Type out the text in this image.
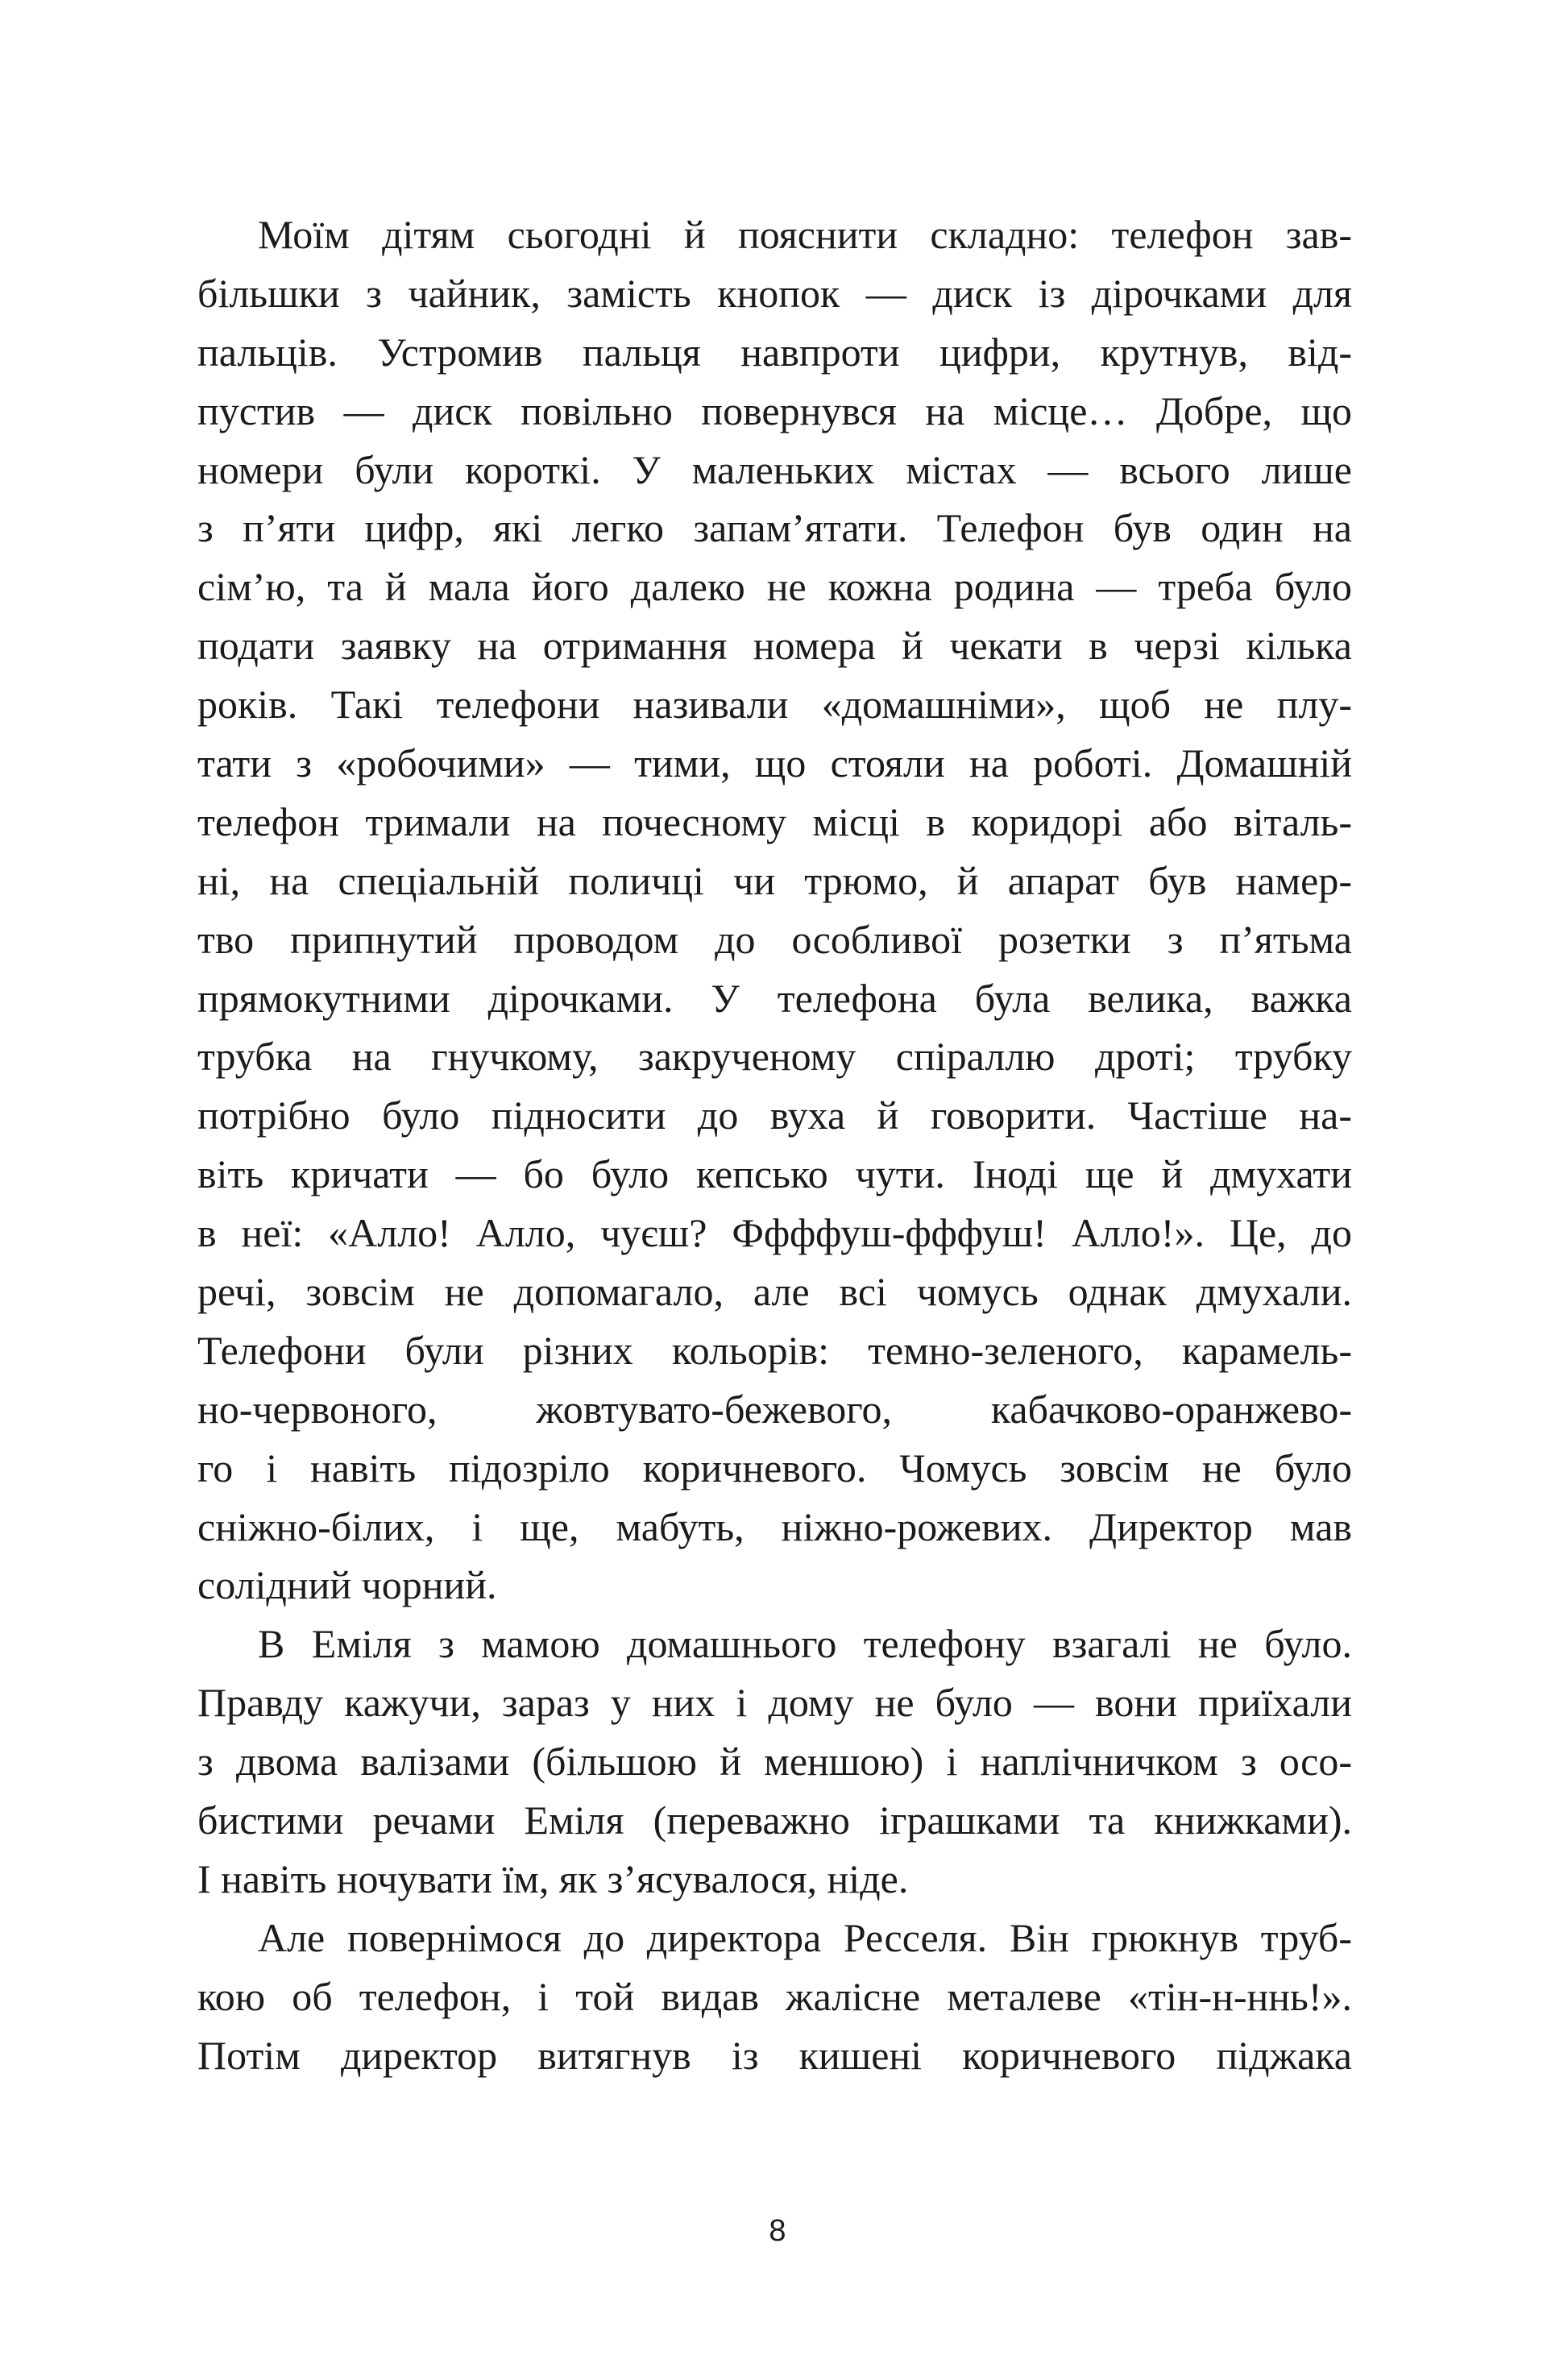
Моїм дітям сьогодні й пояснити складно: телефон зав-
більшки з чайник, замість кнопок — диск із дірочками для
пальців. Устромив пальця навпроти цифри, крутнув, від-
пустив — диск повільно повернувся на місце… Добре, що
номери були короткі. У маленьких містах — всього лише
з п’яти цифр, які легко запам’ятати. Телефон був один на
сім’ю, та й мала його далеко не кожна родина — треба було
подати заявку на отримання номера й чекати в черзі кілька
років. Такі телефони називали «домашніми», щоб не плу-
тати з «робочими» — тими, що стояли на роботі. Домашній
телефон тримали на почесному місці в коридорі або віталь-
ні, на спеціальній поличці чи трюмо, й апарат був намер-
тво припнутий проводом до особливої розетки з п’ятьма
прямокутними дірочками. У телефона була велика, важка
трубка на гнучкому, закрученому спіраллю дроті; трубку
потрібно було підносити до вуха й говорити. Частіше на-
віть кричати — бо було кепсько чути. Іноді ще й дмухати
в неї: «Алло! Алло, чуєш? Ффффуш-фффуш! Алло!». Це, до
речі, зовсім не допомагало, але всі чомусь однак дмухали.
Телефони були різних кольорів: темно-зеленого, карамель-
но-червоного, жовтувато-бежевого, кабачково-оранжево-
го і навіть підозріло коричневого. Чомусь зовсім не було
сніжно-білих, і ще, мабуть, ніжно-рожевих. Директор мав
солідний чорний.
В Еміля з мамою домашнього телефону взагалі не було.
Правду кажучи, зараз у них і дому не було — вони приїхали
з двома валізами (більшою й меншою) і наплічничком з осо-
бистими речами Еміля (переважно іграшками та книжками).
І навіть ночувати їм, як з’ясувалося, ніде.
Але повернімося до директора Ресселя. Він грюкнув труб-
кою об телефон, і той видав жалісне металеве «тін-н-ннь!».
Потім директор витягнув із кишені коричневого піджака
8
